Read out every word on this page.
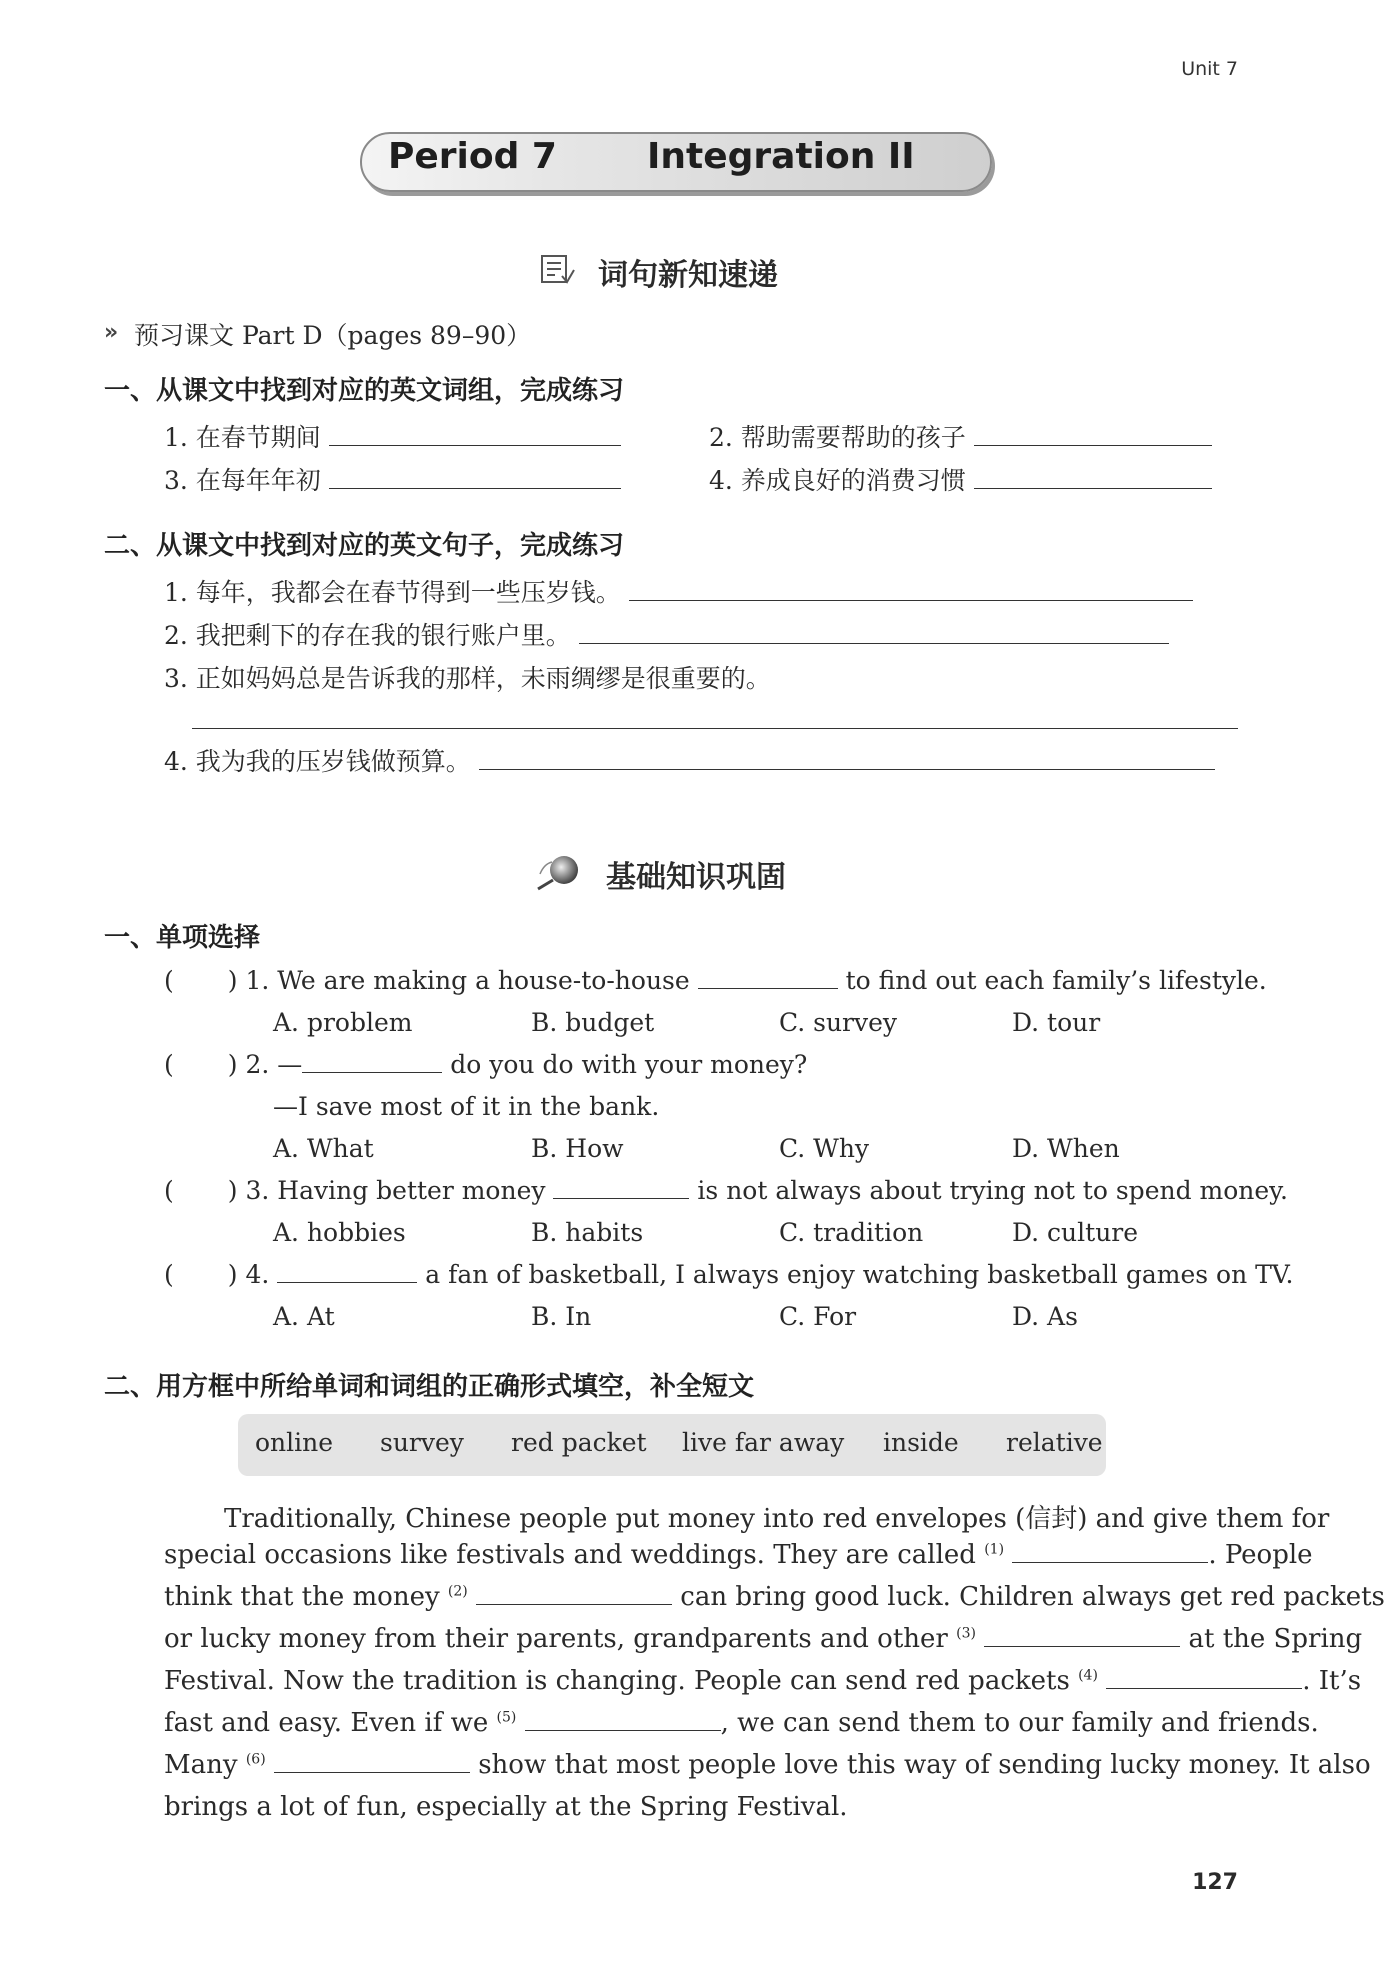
Unit 7
Period 7	Integration II
词句新知速递
» 预习课文 Part D（pages 89–90）
一、从课文中找到对应的英文词组，完成练习
1. 在春节期间	2. 帮助需要帮助的孩子
3. 在每年年初	4. 养成良好的消费习惯
二、从课文中找到对应的英文句子，完成练习
1. 每年，我都会在春节得到一些压岁钱。
2. 我把剩下的存在我的银行账户里。
3. 正如妈妈总是告诉我的那样，未雨绸缪是很重要的。
4. 我为我的压岁钱做预算。
基础知识巩固
一、单项选择
( ) 1. We are making a house-to-house	to find out each family’s lifestyle.
A. problem	B. budget	C. survey	D. tour
( ) 2. —	do you do with your money?
—I save most of it in the bank.
A. What	B. How	C. Why	D. When
( ) 3. Having better money	is not always about trying not to spend money.
A. hobbies	B. habits	C. tradition	D. culture
( ) 4.	a fan of basketball, I always enjoy watching basketball games on TV.
A. At	B. In	C. For	D. As
二、用方框中所给单词和词组的正确形式填空，补全短文
online survey red packet live far away inside relative
Traditionally, Chinese people put money into red envelopes (信封) and give them for
special occasions like festivals and weddings. They are called $^{(1)}$	. People
think that the money $^{(2)}$	can bring good luck. Children always get red packets
or lucky money from their parents, grandparents and other $^{(3)}$	at the Spring
Festival. Now the tradition is changing. People can send red packets $^{(4)}$	. It’s
fast and easy. Even if we $^{(5)}$	, we can send them to our family and friends.
Many $^{(6)}$	show that most people love this way of sending lucky money. It also
brings a lot of fun, especially at the Spring Festival.
127
